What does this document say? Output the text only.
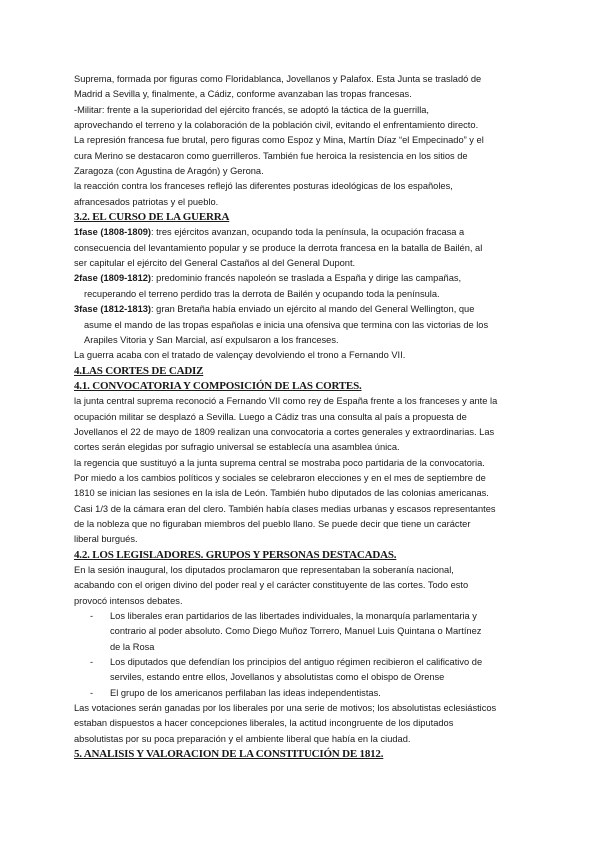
Suprema, formada por figuras como Floridablanca, Jovellanos y Palafox. Esta Junta se trasladó de
Madrid a Sevilla y, finalmente, a Cádiz, conforme avanzaban las tropas francesas.
-Militar: frente a la superioridad del ejército francés, se adoptó la táctica de la guerrilla,
aprovechando el terreno y la colaboración de la población civil, evitando el enfrentamiento directo.
La represión francesa fue brutal, pero figuras como Espoz y Mina, Martín Díaz “el Empecinado” y el
cura Merino se destacaron como guerrilleros. También fue heroica la resistencia en los sitios de
Zaragoza (con Agustina de Aragón) y Gerona.
la reacción contra los franceses reflejó las diferentes posturas ideológicas de los españoles,
afrancesados patriotas y el pueblo.
3.2. EL CURSO DE LA GUERRA
1fase (1808-1809): tres ejércitos avanzan, ocupando toda la península, la ocupación fracasa a
consecuencia del levantamiento popular y se produce la derrota francesa en la batalla de Bailén, al
ser capitular el ejército del General Castaños al del General Dupont.
2fase (1809-1812): predominio francés napoleón se traslada a España y dirige las campañas,
recuperando el terreno perdido tras la derrota de Bailén y ocupando toda la península.
3fase (1812-1813): gran Bretaña había enviado un ejército al mando del General Wellington, que
asume el mando de las tropas españolas e inicia una ofensiva que termina con las victorias de los
Arapiles Vitoria y San Marcial, así expulsaron a los franceses.
La guerra acaba con el tratado de valençay devolviendo el trono a Fernando VII.
4.LAS CORTES DE CADIZ
4.1. CONVOCATORIA Y COMPOSICIÓN DE LAS CORTES.
la junta central suprema reconoció a Fernando VII como rey de España frente a los franceses y ante la
ocupación militar se desplazó a Sevilla. Luego a Cádiz tras una consulta al país a propuesta de
Jovellanos el 22 de mayo de 1809 realizan una convocatoria a cortes generales y extraordinarias. Las
cortes serán elegidas por sufragio universal se establecía una asamblea única.
la regencia que sustituyó a la junta suprema central se mostraba poco partidaria de la convocatoria.
Por miedo a los cambios políticos y sociales se celebraron elecciones y en el mes de septiembre de
1810 se inician las sesiones en la isla de León. También hubo diputados de las colonias americanas.
Casi 1/3 de la cámara eran del clero. También había clases medias urbanas y escasos representantes
de la nobleza que no figuraban miembros del pueblo llano. Se puede decir que tiene un carácter
liberal burgués.
4.2. LOS LEGISLADORES. GRUPOS Y PERSONAS DESTACADAS.
En la sesión inaugural, los diputados proclamaron que representaban la soberanía nacional,
acabando con el origen divino del poder real y el carácter constituyente de las cortes. Todo esto
provocó intensos debates.
- Los liberales eran partidarios de las libertades individuales, la monarquía parlamentaria y
contrario al poder absoluto. Como Diego Muñoz Torrero, Manuel Luis Quintana o Martínez
de la Rosa
- Los diputados que defendían los principios del antiguo régimen recibieron el calificativo de
serviles, estando entre ellos, Jovellanos y absolutistas como el obispo de Orense
- El grupo de los americanos perfilaban las ideas independentistas.
Las votaciones serán ganadas por los liberales por una serie de motivos; los absolutistas eclesiásticos
estaban dispuestos a hacer concepciones liberales, la actitud incongruente de los diputados
absolutistas por su poca preparación y el ambiente liberal que había en la ciudad.
5. ANALISIS Y VALORACION DE LA CONSTITUCIÓN DE 1812.
